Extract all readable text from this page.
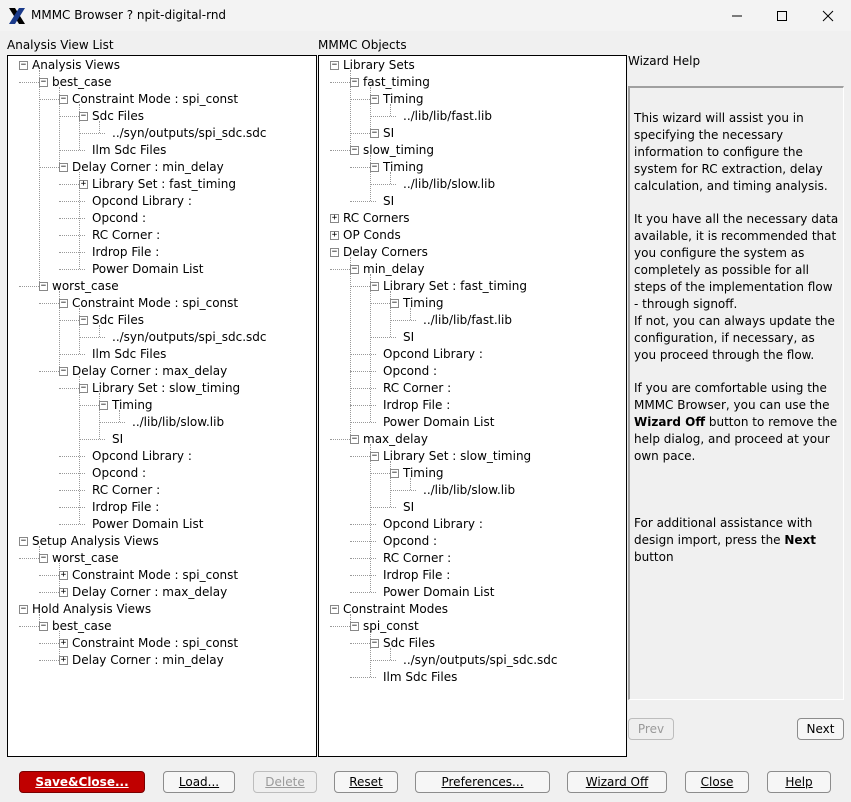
MMMC Browser ? npit-digital-rnd
Analysis View List	MMMC Objects
− Analysis Views
− best_case
− Constraint Mode : spi_const
− Sdc Files
../syn/outputs/spi_sdc.sdc
Ilm Sdc Files
− Delay Corner : min_delay
+ Library Set : fast_timing
Opcond Library :
Opcond :
RC Corner :
Irdrop File :
Power Domain List
− worst_case
− Constraint Mode : spi_const
− Sdc Files
../syn/outputs/spi_sdc.sdc
Ilm Sdc Files
− Delay Corner : max_delay
− Library Set : slow_timing
− Timing
../lib/lib/slow.lib
SI
Opcond Library :
Opcond :
RC Corner :
Irdrop File :
Power Domain List
− Setup Analysis Views
− worst_case
+ Constraint Mode : spi_const
+ Delay Corner : max_delay
− Hold Analysis Views
− best_case
+ Constraint Mode : spi_const
+ Delay Corner : min_delay
− Library Sets
− fast_timing
− Timing
../lib/lib/fast.lib
− SI
− slow_timing
− Timing
../lib/lib/slow.lib
SI
+ RC Corners
+ OP Conds
− Delay Corners
− min_delay
− Library Set : fast_timing
− Timing
../lib/lib/fast.lib
SI
Opcond Library :
Opcond :
RC Corner :
Irdrop File :
Power Domain List
− max_delay
− Library Set : slow_timing
− Timing
../lib/lib/slow.lib
SI
Opcond Library :
Opcond :
RC Corner :
Irdrop File :
Power Domain List
− Constraint Modes
− spi_const
− Sdc Files
../syn/outputs/spi_sdc.sdc
Ilm Sdc Files
Wizard Help

This wizard will assist you in specifying the necessary information to configure the system for RC extraction, delay calculation, and timing analysis.

It you have all the necessary data available, it is recommended that you configure the system as completely as possible for all steps of the implementation flow - through signoff.

If not, you can always update the configuration, if necessary, as you proceed through the flow.

If you are comfortable using the MMMC Browser, you can use the Wizard Off button to remove the help dialog, and proceed at your own pace.

For additional assistance with design import, press the Next button

Prev	Next
Save&Close...	Load...	Delete	Reset	Preferences...	Wizard Off	Close	Help
